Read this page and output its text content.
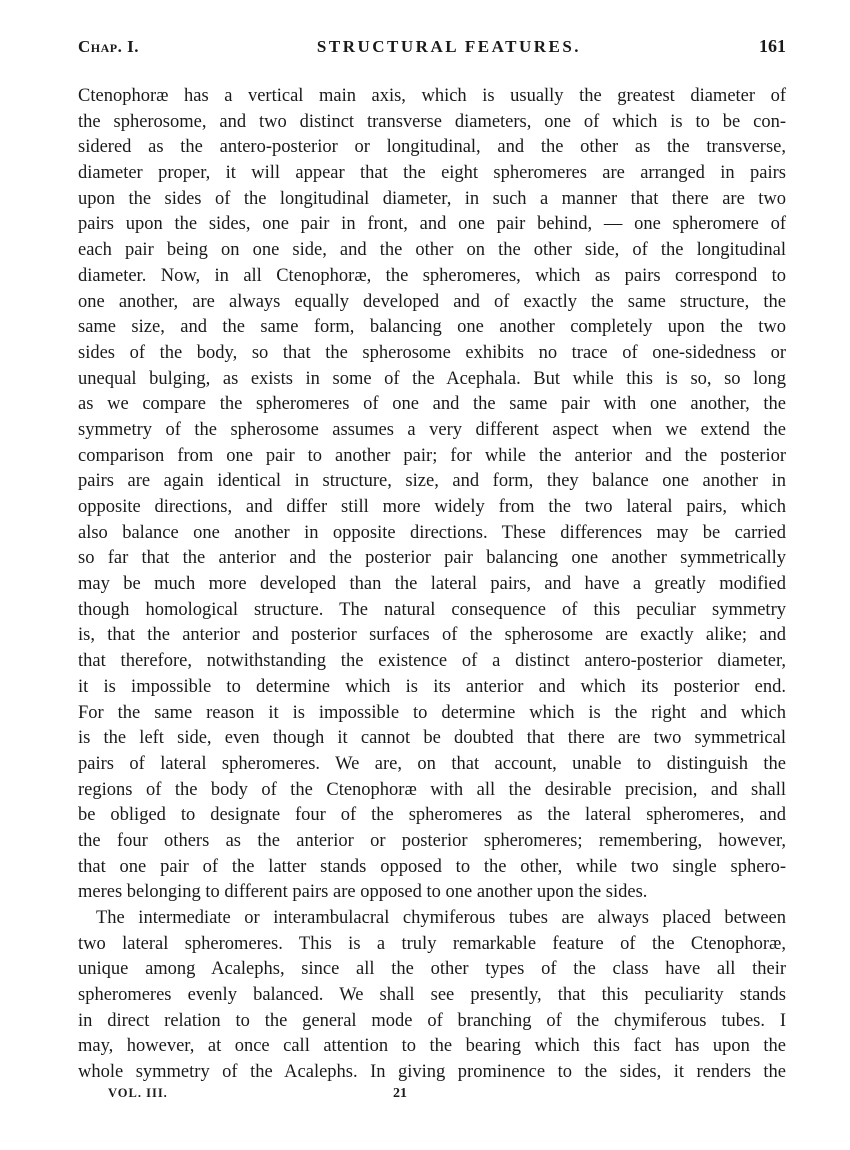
Chap. I.	STRUCTURAL FEATURES.	161
Ctenophoræ has a vertical main axis, which is usually the greatest diameter of
the spherosome, and two distinct transverse diameters, one of which is to be con-
sidered as the antero-posterior or longitudinal, and the other as the transverse,
diameter proper, it will appear that the eight spheromeres are arranged in pairs
upon the sides of the longitudinal diameter, in such a manner that there are two
pairs upon the sides, one pair in front, and one pair behind, — one spheromere of
each pair being on one side, and the other on the other side, of the longitudinal
diameter. Now, in all Ctenophoræ, the spheromeres, which as pairs correspond to
one another, are always equally developed and of exactly the same structure, the
same size, and the same form, balancing one another completely upon the two
sides of the body, so that the spherosome exhibits no trace of one-sidedness or
unequal bulging, as exists in some of the Acephala. But while this is so, so long
as we compare the spheromeres of one and the same pair with one another, the
symmetry of the spherosome assumes a very different aspect when we extend the
comparison from one pair to another pair; for while the anterior and the posterior
pairs are again identical in structure, size, and form, they balance one another in
opposite directions, and differ still more widely from the two lateral pairs, which
also balance one another in opposite directions. These differences may be carried
so far that the anterior and the posterior pair balancing one another symmetrically
may be much more developed than the lateral pairs, and have a greatly modified
though homological structure. The natural consequence of this peculiar symmetry
is, that the anterior and posterior surfaces of the spherosome are exactly alike; and
that therefore, notwithstanding the existence of a distinct antero-posterior diameter,
it is impossible to determine which is its anterior and which its posterior end.
For the same reason it is impossible to determine which is the right and which
is the left side, even though it cannot be doubted that there are two symmetrical
pairs of lateral spheromeres. We are, on that account, unable to distinguish the
regions of the body of the Ctenophoræ with all the desirable precision, and shall
be obliged to designate four of the spheromeres as the lateral spheromeres, and
the four others as the anterior or posterior spheromeres; remembering, however,
that one pair of the latter stands opposed to the other, while two single sphero-
meres belonging to different pairs are opposed to one another upon the sides.
The intermediate or interambulacral chymiferous tubes are always placed between
two lateral spheromeres. This is a truly remarkable feature of the Ctenophoræ,
unique among Acalephs, since all the other types of the class have all their
spheromeres evenly balanced. We shall see presently, that this peculiarity stands
in direct relation to the general mode of branching of the chymiferous tubes. I
may, however, at once call attention to the bearing which this fact has upon the
whole symmetry of the Acalephs. In giving prominence to the sides, it renders the
VOL. III.	21
